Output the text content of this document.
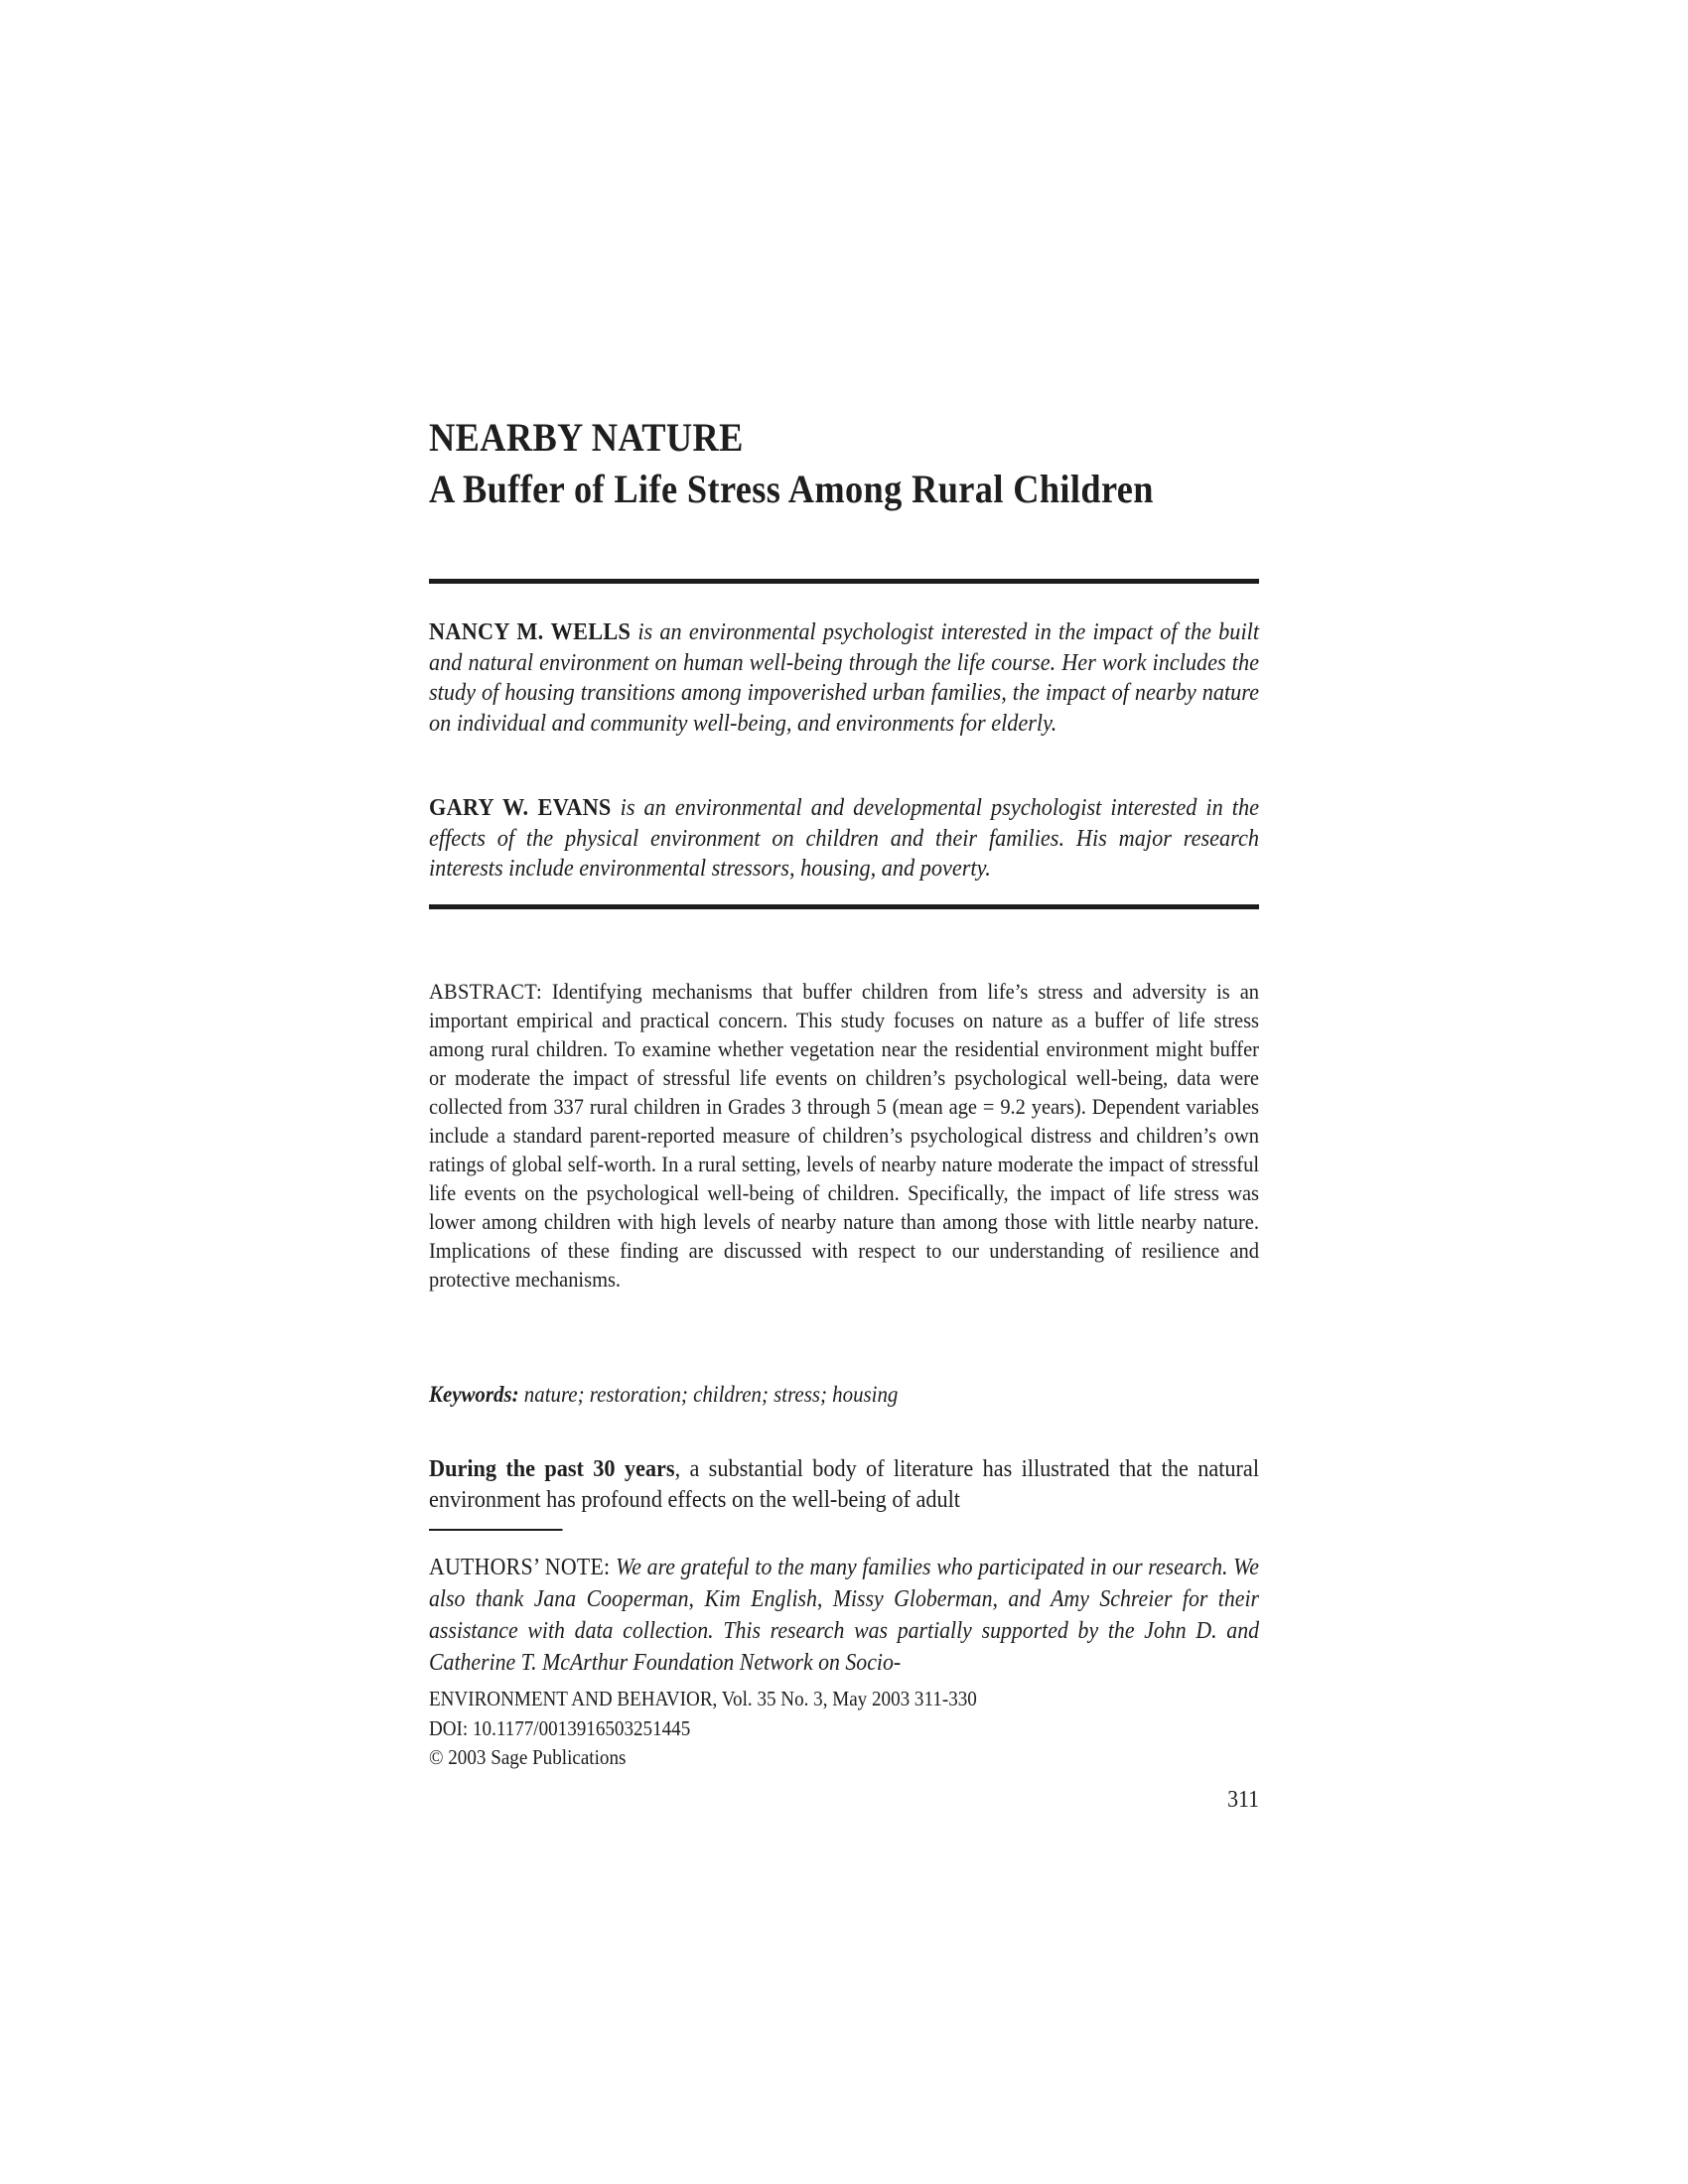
NEARBY NATURE
A Buffer of Life Stress Among Rural Children

NANCY M. WELLS is an environmental psychologist interested in the impact of the built and natural environment on human well-being through the life course. Her work includes the study of housing transitions among impoverished urban families, the impact of nearby nature on individual and community well-being, and environments for elderly.

GARY W. EVANS is an environmental and developmental psychologist interested in the effects of the physical environment on children and their families. His major research interests include environmental stressors, housing, and poverty.

ABSTRACT: Identifying mechanisms that buffer children from life’s stress and adversity is an important empirical and practical concern. This study focuses on nature as a buffer of life stress among rural children. To examine whether vegetation near the residential environment might buffer or moderate the impact of stressful life events on children’s psychological well-being, data were collected from 337 rural children in Grades 3 through 5 (mean age = 9.2 years). Dependent variables include a standard parent-reported measure of children’s psychological distress and children’s own ratings of global self-worth. In a rural setting, levels of nearby nature moderate the impact of stressful life events on the psychological well-being of children. Specifically, the impact of life stress was lower among children with high levels of nearby nature than among those with little nearby nature. Implications of these finding are discussed with respect to our understanding of resilience and protective mechanisms.

Keywords: nature; restoration; children; stress; housing

During the past 30 years, a substantial body of literature has illustrated that the natural environment has profound effects on the well-being of adult

AUTHORS’ NOTE: We are grateful to the many families who participated in our research. We also thank Jana Cooperman, Kim English, Missy Globerman, and Amy Schreier for their assistance with data collection. This research was partially supported by the John D. and Catherine T. McArthur Foundation Network on Socio-

ENVIRONMENT AND BEHAVIOR, Vol. 35 No. 3, May 2003 311-330
DOI: 10.1177/0013916503251445
© 2003 Sage Publications
311
